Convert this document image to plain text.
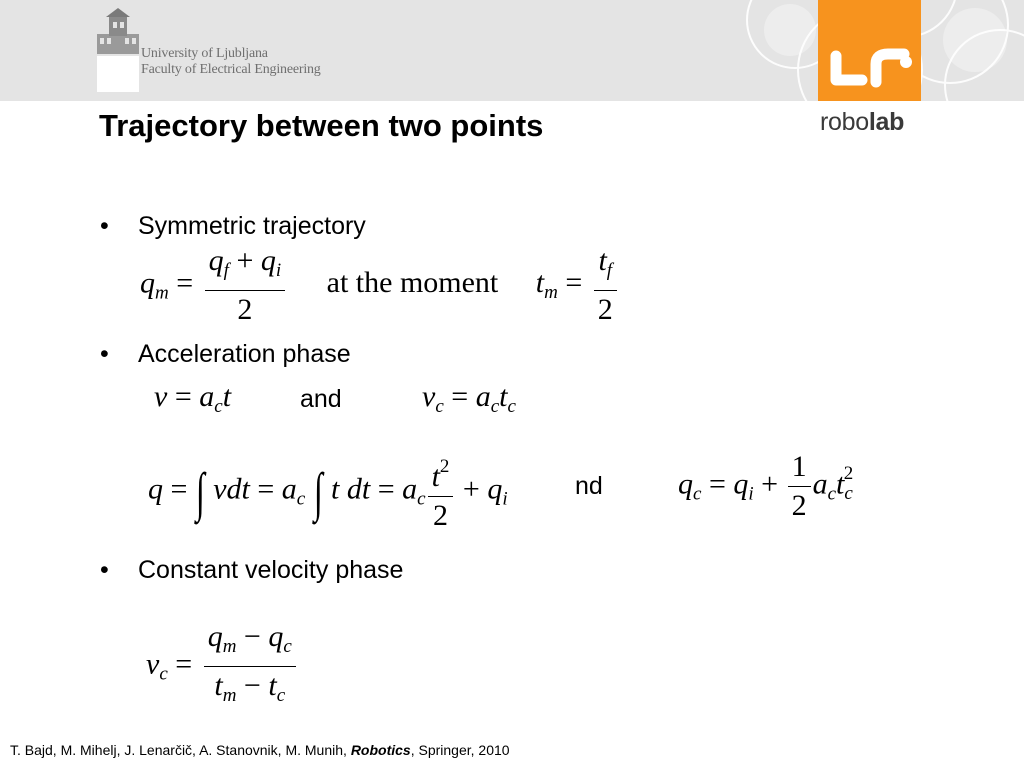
University of Ljubljana
Faculty of Electrical Engineering
robolab
Trajectory between two points
• Symmetric trajectory
$q_m = \frac{q_f + q_i}{2}$ at the moment $t_m = \frac{t_f}{2}$
• Acceleration phase
$v = a_ct$	and	$v_c = a_ct_c$
q = ∫ vdt = $a_c$ ∫ t dt = $a_c \frac{t^2}{2} + q_i$	nd	$q_c = q_i + \frac{1}{2} a_ct_c^2$
• Constant velocity phase
$v_c = \frac{q_m - q_c}{t_m - t_c}$
T. Bajd, M. Mihelj, J. Lenarčič, A. Stanovnik, M. Munih, Robotics, Springer, 2010
